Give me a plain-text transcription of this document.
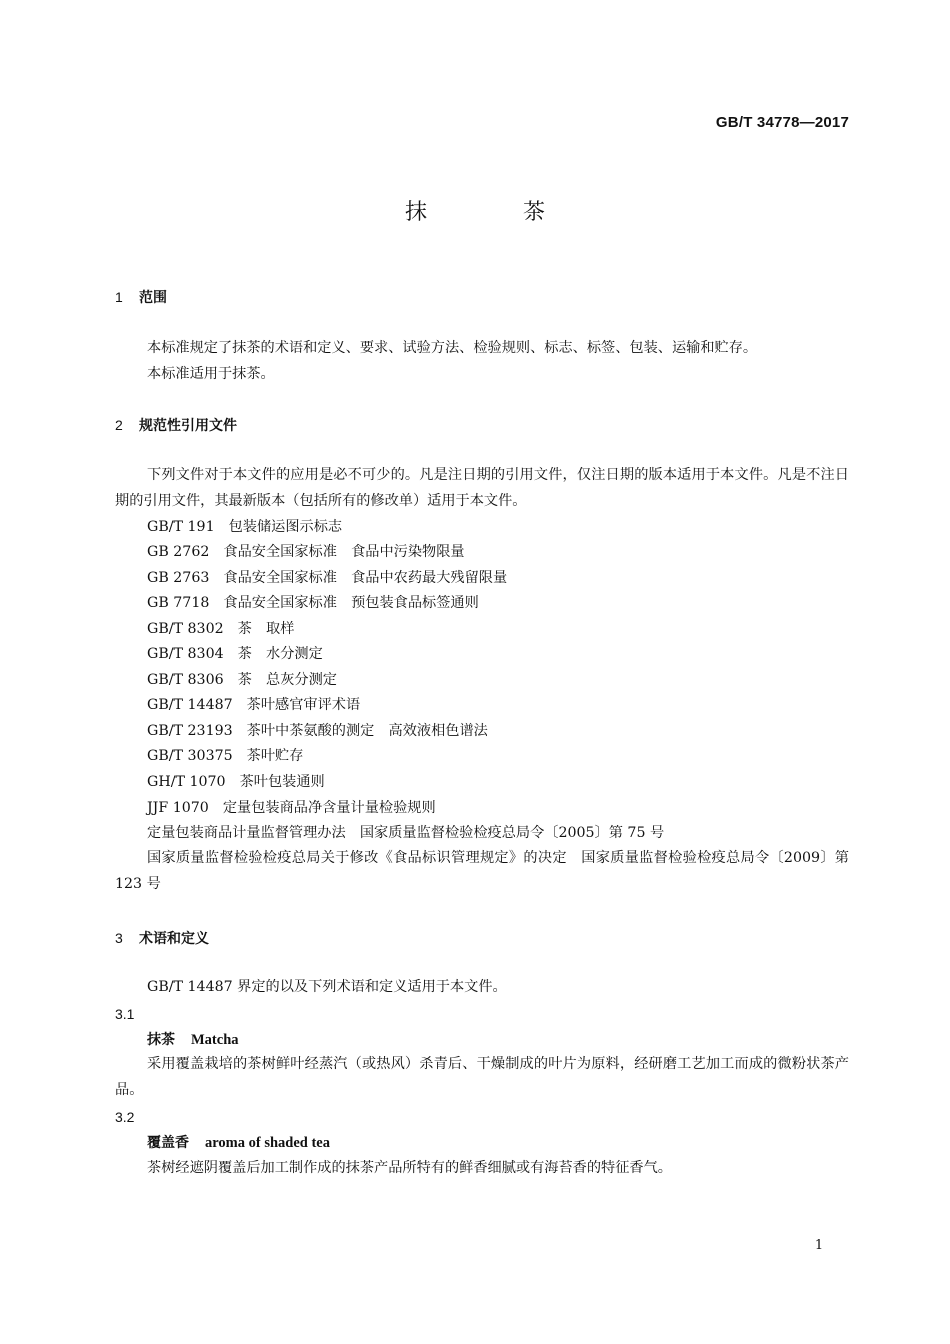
GB/T 34778—2017
抹	茶
1 范围
本标准规定了抹茶的术语和定义、要求、试验方法、检验规则、标志、标签、包装、运输和贮存。
本标准适用于抹茶。
2 规范性引用文件
下列文件对于本文件的应用是必不可少的。凡是注日期的引用文件，仅注日期的版本适用于本文件。凡是不注日期的引用文件，其最新版本（包括所有的修改单）适用于本文件。
GB/T 191 包装储运图示标志
GB 2762 食品安全国家标准　食品中污染物限量
GB 2763 食品安全国家标准　食品中农药最大残留限量
GB 7718 食品安全国家标准　预包装食品标签通则
GB/T 8302 茶　取样
GB/T 8304 茶　水分测定
GB/T 8306 茶　总灰分测定
GB/T 14487 茶叶感官审评术语
GB/T 23193 茶叶中茶氨酸的测定　高效液相色谱法
GB/T 30375 茶叶贮存
GH/T 1070 茶叶包装通则
JJF 1070 定量包装商品净含量计量检验规则
定量包装商品计量监督管理办法　国家质量监督检验检疫总局令〔2005〕第 75 号
国家质量监督检验检疫总局关于修改《食品标识管理规定》的决定　国家质量监督检验检疫总局令〔2009〕第 123 号
3 术语和定义
GB/T 14487 界定的以及下列术语和定义适用于本文件。
3.1
抹茶 Matcha
采用覆盖栽培的茶树鲜叶经蒸汽（或热风）杀青后、干燥制成的叶片为原料，经研磨工艺加工而成的微粉状茶产品。
3.2
覆盖香 aroma of shaded tea
茶树经遮阴覆盖后加工制作成的抹茶产品所特有的鲜香细腻或有海苔香的特征香气。
1
